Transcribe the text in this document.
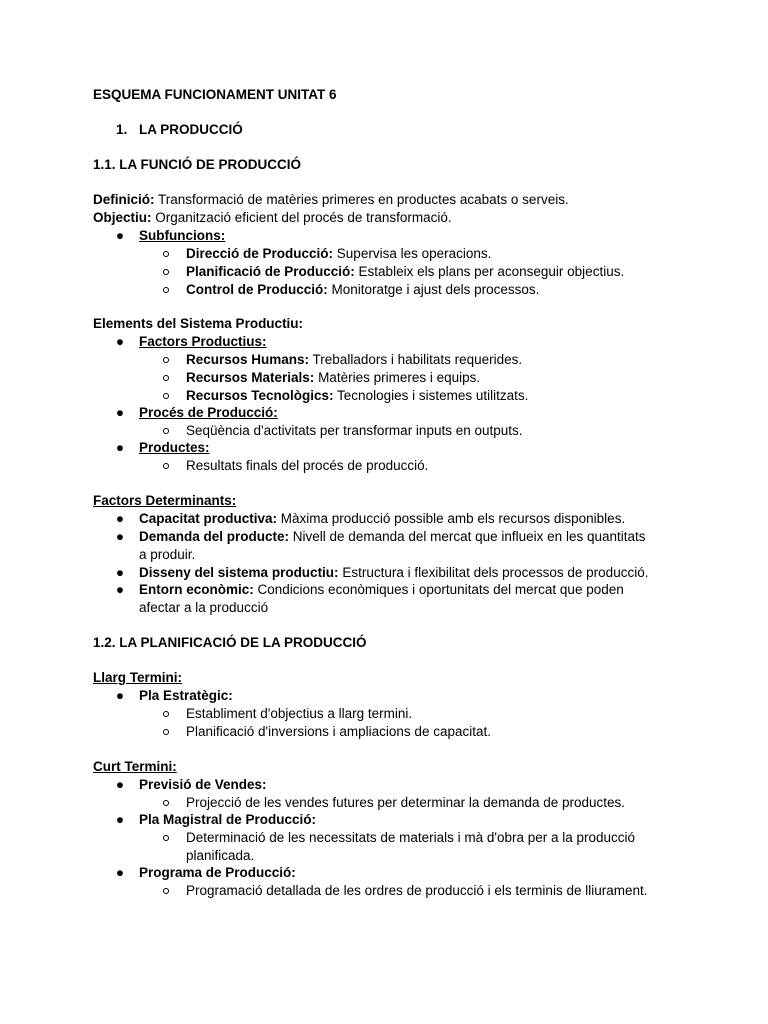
ESQUEMA FUNCIONAMENT UNITAT 6
1. LA PRODUCCIÓ
1.1. LA FUNCIÓ DE PRODUCCIÓ
Definició: Transformació de matèries primeres en productes acabats o serveis.
Objectiu: Organització eficient del procés de transformació.
● Subfuncions:
Direcció de Producció: Supervisa les operacions.
Planificació de Producció: Estableix els plans per aconseguir objectius.
Control de Producció: Monitoratge i ajust dels processos.
Elements del Sistema Productiu:
● Factors Productius:
Recursos Humans: Treballadors i habilitats requerides.
Recursos Materials: Matèries primeres i equips.
Recursos Tecnològics: Tecnologies i sistemes utilitzats.
● Procés de Producció:
Seqüència d'activitats per transformar inputs en outputs.
● Productes:
Resultats finals del procés de producció.
Factors Determinants:
● Capacitat productiva: Màxima producció possible amb els recursos disponibles.
● Demanda del producte: Nivell de demanda del mercat que influeix en les quantitats
a produir.
● Disseny del sistema productiu: Estructura i flexibilitat dels processos de producció.
● Entorn econòmic: Condicions econòmiques i oportunitats del mercat que poden
afectar a la producció
1.2. LA PLANIFICACIÓ DE LA PRODUCCIÓ
Llarg Termini:
● Pla Estratègic:
Establiment d'objectius a llarg termini.
Planificació d'inversions i ampliacions de capacitat.
Curt Termini:
● Previsió de Vendes:
Projecció de les vendes futures per determinar la demanda de productes.
● Pla Magistral de Producció:
Determinació de les necessitats de materials i mà d'obra per a la producció
planificada.
● Programa de Producció:
Programació detallada de les ordres de producció i els terminis de lliurament.
